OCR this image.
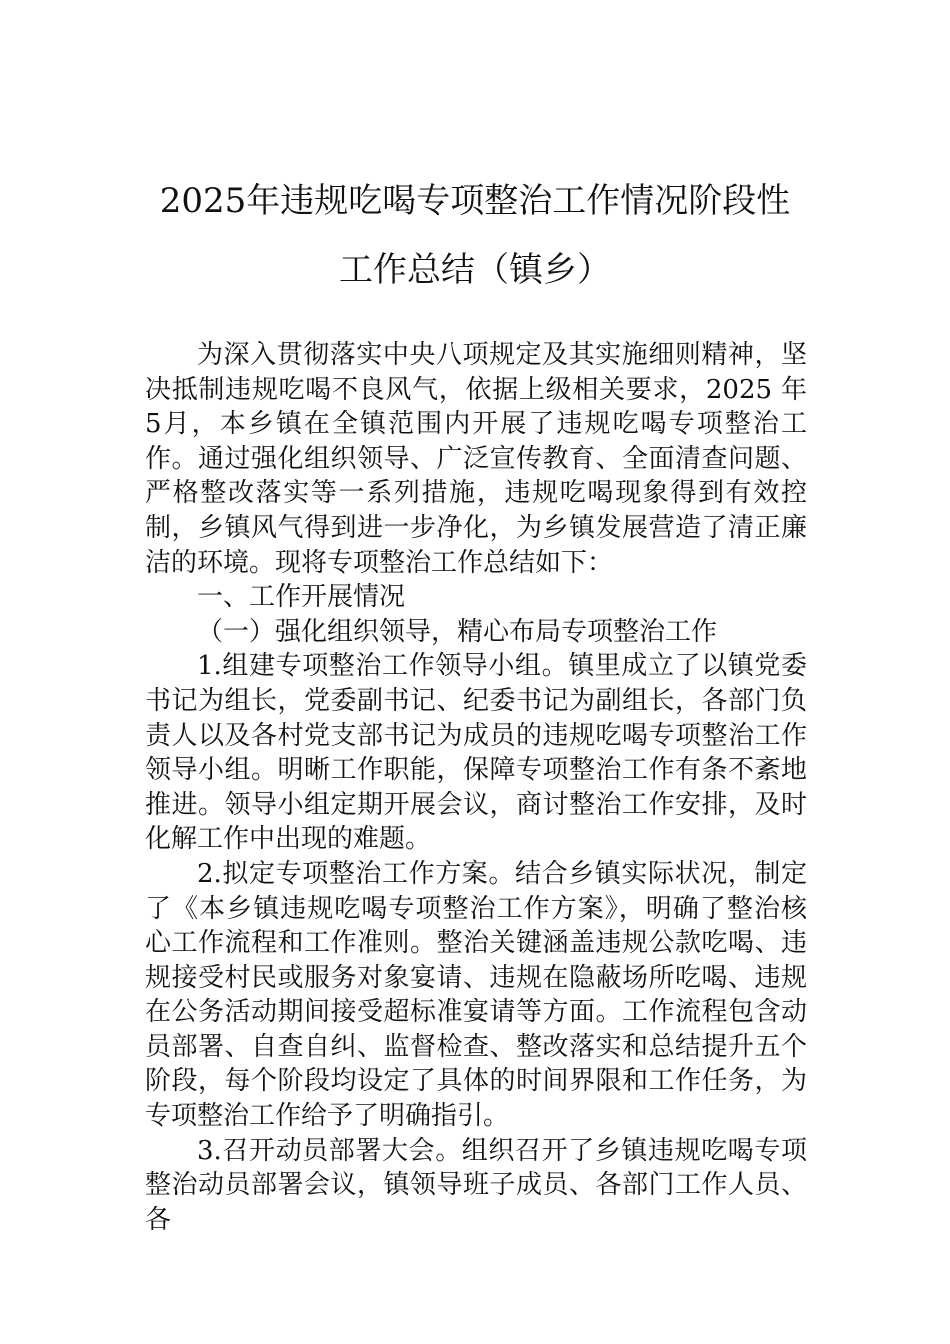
2025年违规吃喝专项整治工作情况阶段性
工作总结（镇乡）

为深入贯彻落实中央八项规定及其实施细则精神，坚决抵制违规吃喝不良风气，依据上级相关要求，2025 年 5月，本乡镇在全镇范围内开展了违规吃喝专项整治工作。通过强化组织领导、广泛宣传教育、全面清查问题、严格整改落实等一系列措施，违规吃喝现象得到有效控制，乡镇风气得到进一步净化，为乡镇发展营造了清正廉洁的环境。现将专项整治工作总结如下：

一、工作开展情况

（一）强化组织领导，精心布局专项整治工作

1.组建专项整治工作领导小组。镇里成立了以镇党委书记为组长，党委副书记、纪委书记为副组长，各部门负责人以及各村党支部书记为成员的违规吃喝专项整治工作领导小组。明晰工作职能，保障专项整治工作有条不紊地推进。领导小组定期开展会议，商讨整治工作安排，及时化解工作中出现的难题。

2.拟定专项整治工作方案。结合乡镇实际状况，制定了《本乡镇违规吃喝专项整治工作方案》，明确了整治核心工作流程和工作准则。整治关键涵盖违规公款吃喝、违规接受村民或服务对象宴请、违规在隐蔽场所吃喝、违规在公务活动期间接受超标准宴请等方面。工作流程包含动员部署、自查自纠、监督检查、整改落实和总结提升五个阶段，每个阶段均设定了具体的时间界限和工作任务，为专项整治工作给予了明确指引。

3.召开动员部署大会。组织召开了乡镇违规吃喝专项整治动员部署会议，镇领导班子成员、各部门工作人员、各
